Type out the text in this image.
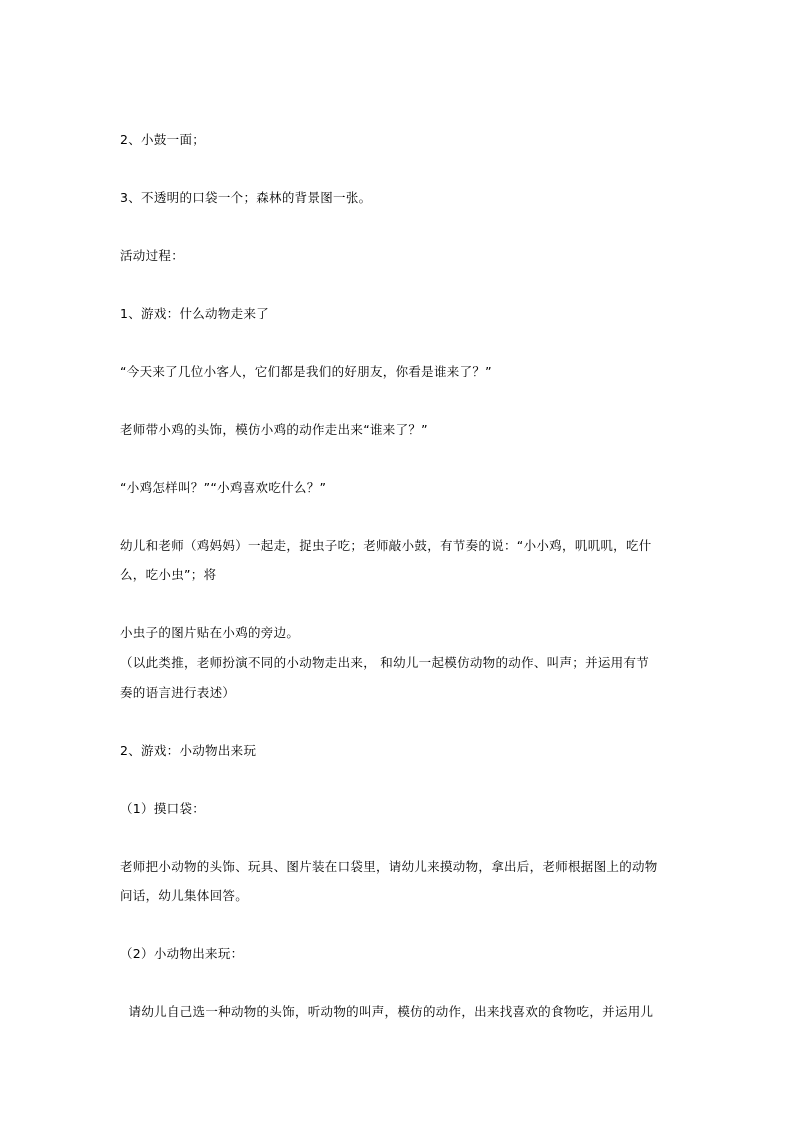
2、小鼓一面；
3、不透明的口袋一个；森林的背景图一张。
活动过程：
1、游戏：什么动物走来了
“今天来了几位小客人，它们都是我们的好朋友，你看是谁来了？”
老师带小鸡的头饰，模仿小鸡的动作走出来“谁来了？”
“小鸡怎样叫？”“小鸡喜欢吃什么？”
幼儿和老师（鸡妈妈）一起走，捉虫子吃；老师敲小鼓，有节奏的说：“小小鸡，叽叽叽，吃什
么，吃小虫”；将
小虫子的图片贴在小鸡的旁边。
（以此类推，老师扮演不同的小动物走出来， 和幼儿一起模仿动物的动作、叫声；并运用有节
奏的语言进行表述）
2、游戏：小动物出来玩
（1）摸口袋：
老师把小动物的头饰、玩具、图片装在口袋里，请幼儿来摸动物，拿出后，老师根据图上的动物
问话，幼儿集体回答。
（2）小动物出来玩：
请幼儿自己选一种动物的头饰，听动物的叫声，模仿的动作，出来找喜欢的食物吃，并运用儿
